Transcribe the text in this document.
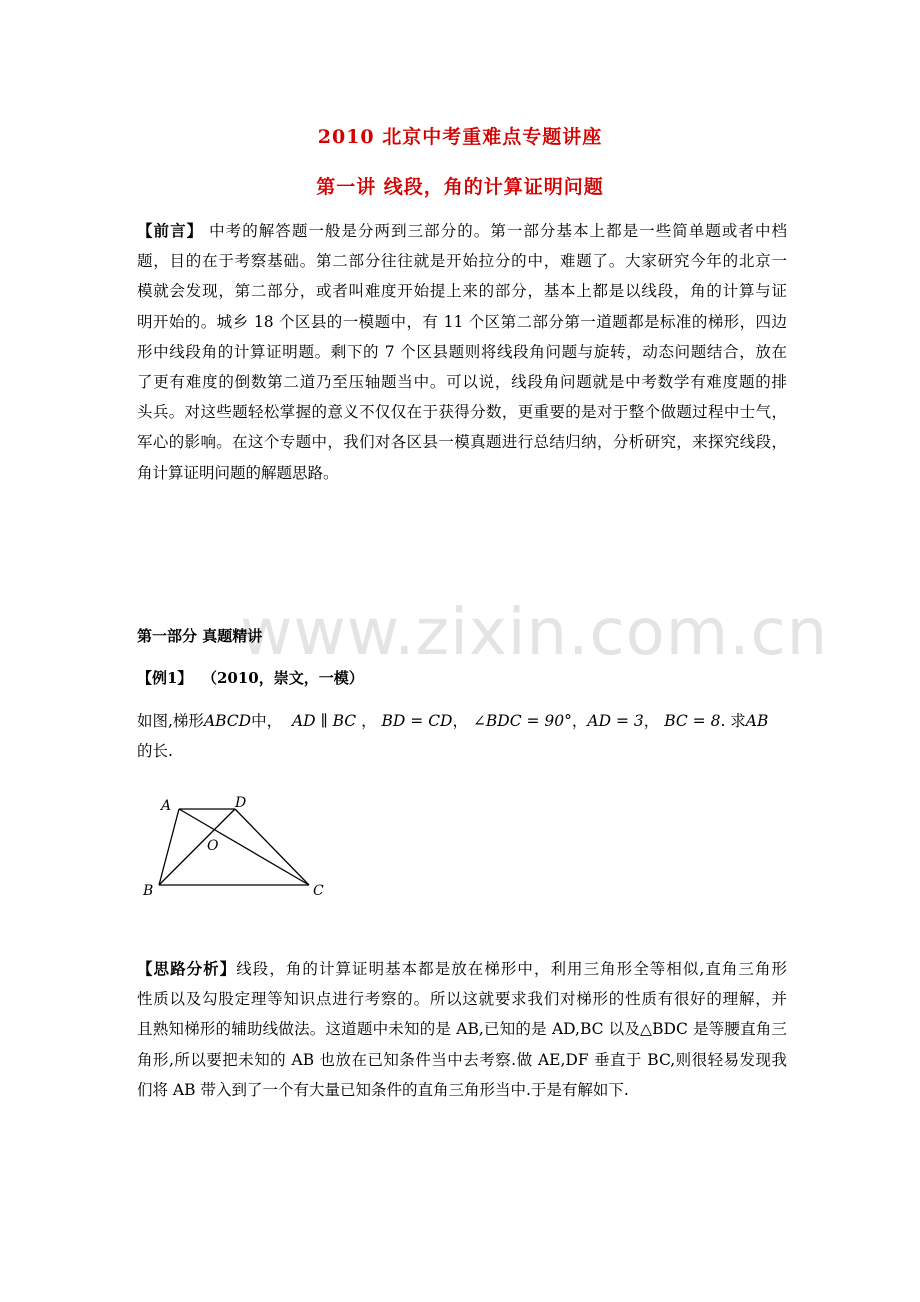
2010 北京中考重难点专题讲座
第一讲 线段，角的计算证明问题
【前言】 中考的解答题一般是分两到三部分的。第一部分基本上都是一些简单题或者中档
题，目的在于考察基础。第二部分往往就是开始拉分的中，难题了。大家研究今年的北京一
模就会发现，第二部分，或者叫难度开始提上来的部分，基本上都是以线段，角的计算与证
明开始的。城乡 18 个区县的一模题中，有 11 个区第二部分第一道题都是标准的梯形，四边
形中线段角的计算证明题。剩下的 7 个区县题则将线段角问题与旋转，动态问题结合，放在
了更有难度的倒数第二道乃至压轴题当中。可以说，线段角问题就是中考数学有难度题的排
头兵。对这些题轻松掌握的意义不仅仅在于获得分数，更重要的是对于整个做题过程中士气，
军心的影响。在这个专题中，我们对各区县一模真题进行总结归纳，分析研究，来探究线段，
角计算证明问题的解题思路。
www.zixin.com.cn
第一部分 真题精讲
【例1】 （2010，崇文，一模）
如图,梯形ABCD中， AD ∥ BC ， BD = CD， ∠BDC = 90°，AD = 3， BC = 8. 求AB
的长.
A	D
O
B	C
【思路分析】线段，角的计算证明基本都是放在梯形中，利用三角形全等相似,直角三角形
性质以及勾股定理等知识点进行考察的。所以这就要求我们对梯形的性质有很好的理解，并
且熟知梯形的辅助线做法。这道题中未知的是 AB,已知的是 AD,BC 以及△BDC 是等腰直角三
角形,所以要把未知的 AB 也放在已知条件当中去考察.做 AE,DF 垂直于 BC,则很轻易发现我
们将 AB 带入到了一个有大量已知条件的直角三角形当中.于是有解如下.
